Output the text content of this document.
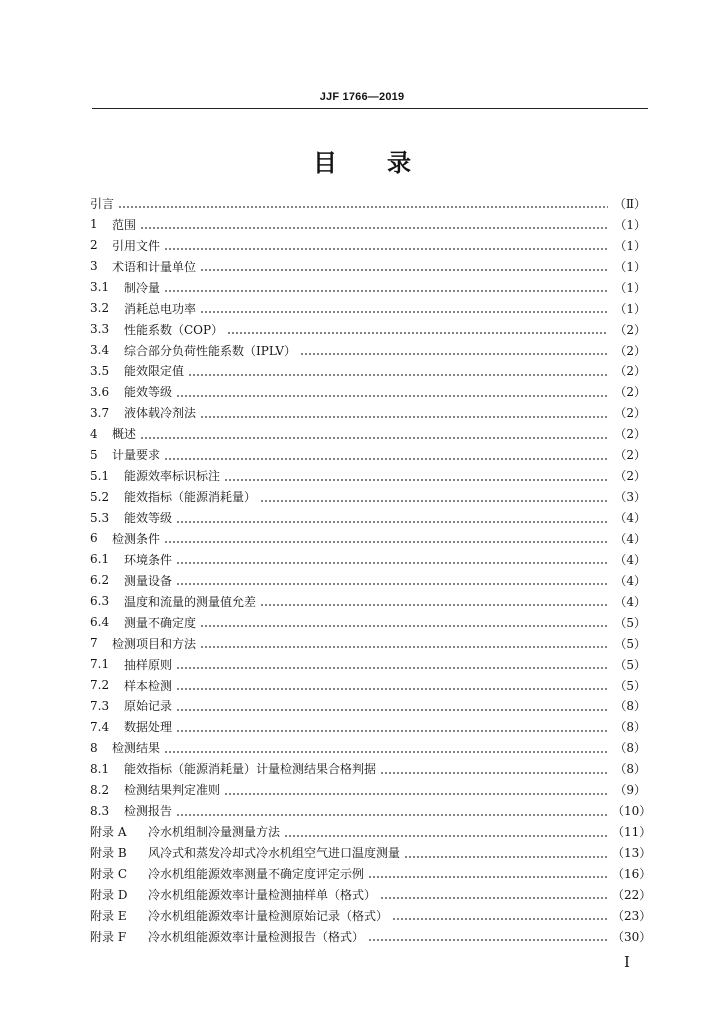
JJF 1766—2019
目 录
引言	（Ⅱ）
1	范围	（1）
2	引用文件	（1）
3	术语和计量单位	（1）
3.1	制冷量	（1）
3.2	消耗总电功率	（1）
3.3	性能系数（COP）	（2）
3.4	综合部分负荷性能系数（IPLV）	（2）
3.5	能效限定值	（2）
3.6	能效等级	（2）
3.7	液体载冷剂法	（2）
4	概述	（2）
5	计量要求	（2）
5.1	能源效率标识标注	（2）
5.2	能效指标（能源消耗量）	（3）
5.3	能效等级	（4）
6	检测条件	（4）
6.1	环境条件	（4）
6.2	测量设备	（4）
6.3	温度和流量的测量值允差	（4）
6.4	测量不确定度	（5）
7	检测项目和方法	（5）
7.1	抽样原则	（5）
7.2	样本检测	（5）
7.3	原始记录	（8）
7.4	数据处理	（8）
8	检测结果	（8）
8.1	能效指标（能源消耗量）计量检测结果合格判据	（8）
8.2	检测结果判定准则	（9）
8.3	检测报告	（10）
附录 A	冷水机组制冷量测量方法	（11）
附录 B	风冷式和蒸发冷却式冷水机组空气进口温度测量	（13）
附录 C	冷水机组能源效率测量不确定度评定示例	（16）
附录 D	冷水机组能源效率计量检测抽样单（格式）	（22）
附录 E	冷水机组能源效率计量检测原始记录（格式）	（23）
附录 F	冷水机组能源效率计量检测报告（格式）	（30）
I
